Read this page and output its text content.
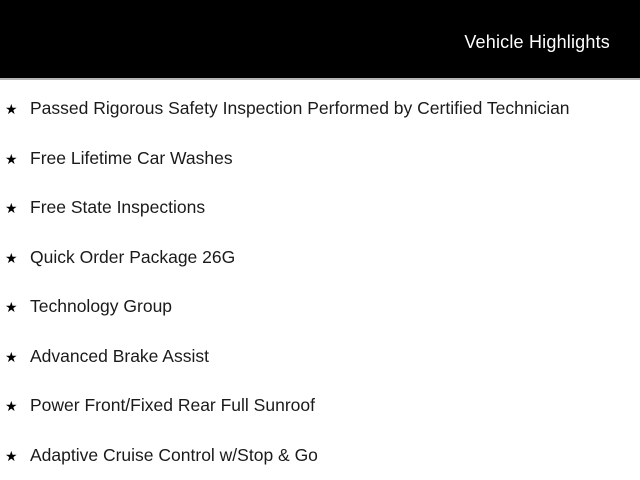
Vehicle Highlights
★ Passed Rigorous Safety Inspection Performed by Certified Technician
★ Free Lifetime Car Washes
★ Free State Inspections
★ Quick Order Package 26G
★ Technology Group
★ Advanced Brake Assist
★ Power Front/Fixed Rear Full Sunroof
★ Adaptive Cruise Control w/Stop & Go
